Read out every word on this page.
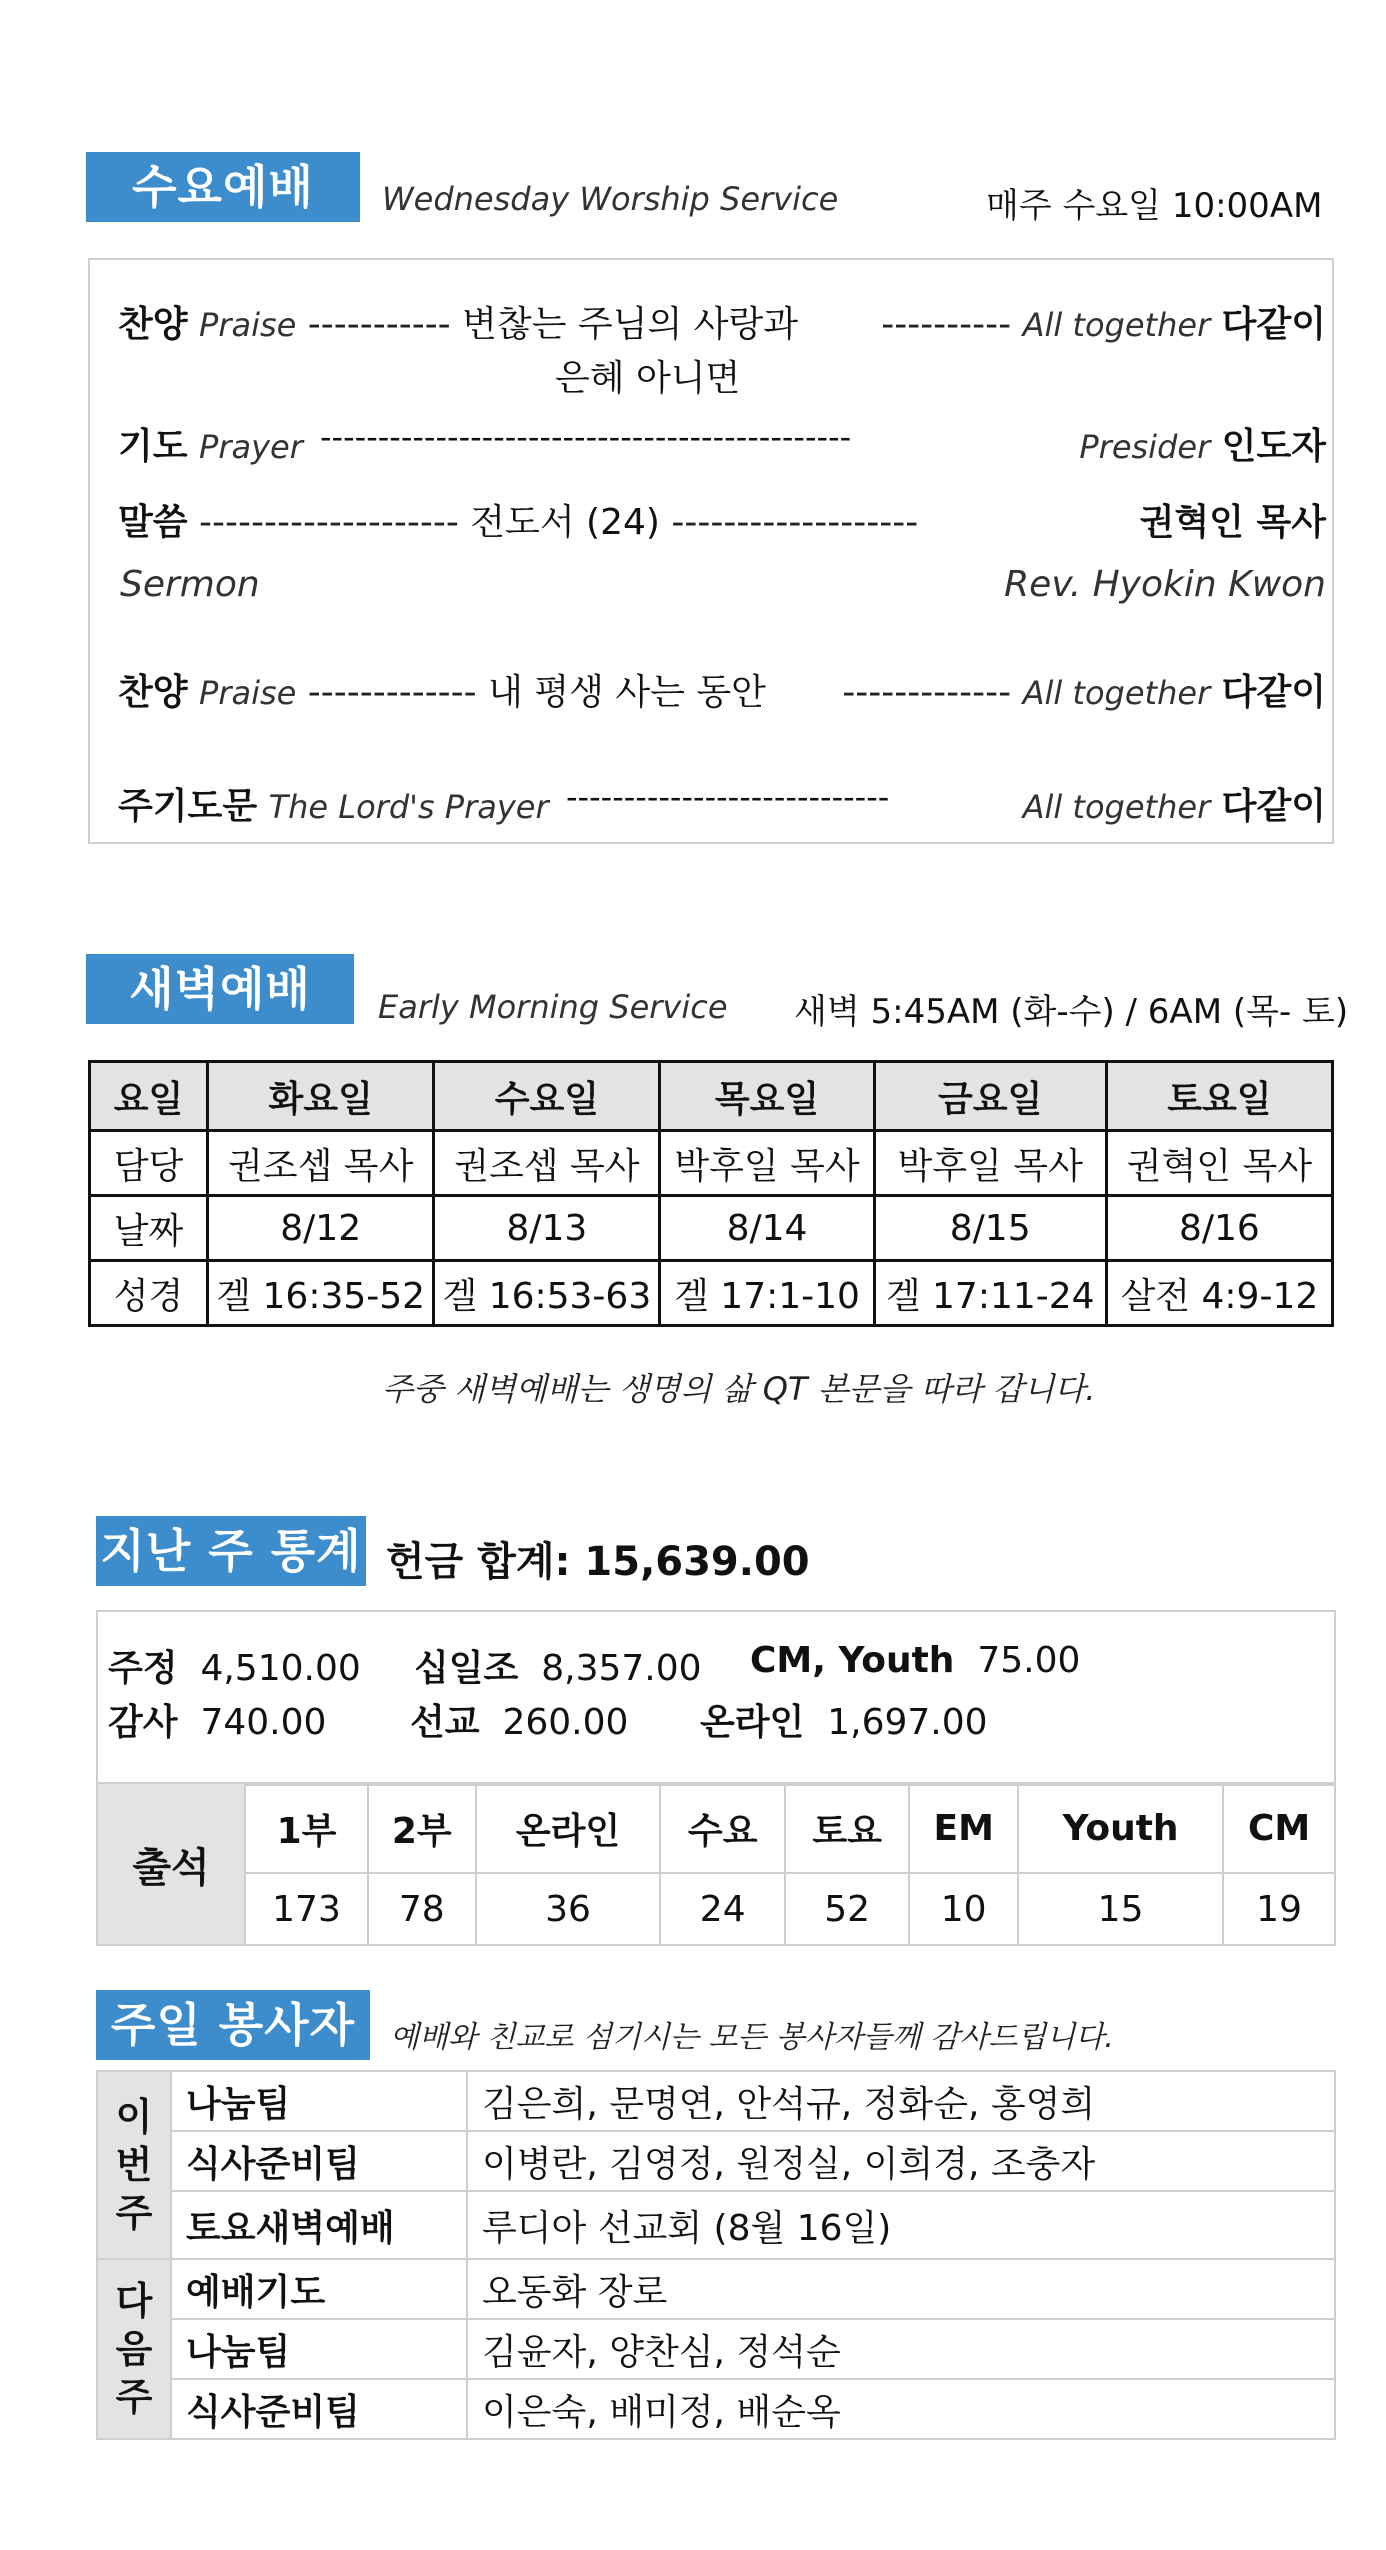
수요예배	Wednesday Worship Service	매주 수요일 10:00AM
찬양 Praise ----------- 변찮는 주님의 사랑과
은혜 아니면
---------- All together 다같이
기도 Prayer ----------------------------------------------	Presider 인도자
말씀 -------------------- 전도서 (24) -------------------	권혁인 목사
Sermon	Rev. Hyokin Kwon
찬양 Praise ------------- 내 평생 사는 동안 ------------- All together 다같이
주기도문 The Lord's Prayer ----------------------------	All together 다같이
새벽예배	Early Morning Service 새벽 5:45AM (화-수) / 6AM (목- 토)
요일	화요일	수요일	목요일	금요일	토요일
담당	권조셉 목사	권조셉 목사	박후일 목사	박후일 목사	권혁인 목사
날짜	8/12	8/13	8/14	8/15	8/16
성경	겔 16:35-52	겔 16:53-63	겔 17:1-10	겔 17:11-24	살전 4:9-12
주중 새벽예배는 생명의 삶 QT 본문을 따라 갑니다.
지난 주 통계 헌금 합계: 15,639.00
주정 4,510.00 십일조 8,357.00 CM, Youth 75.00
감사 740.00 선교 260.00 온라인 1,697.00
출석	1부	2부	온라인	수요	토요	EM	Youth	CM
	173	78	36	24	52	10	15	19
주일 봉사자	예배와 친교로 섬기시는 모든 봉사자들께 감사드립니다.
이
번
주	나눔팀	김은희, 문명연, 안석규, 정화순, 홍영희
	식사준비팀	이병란, 김영정, 원정실, 이희경, 조충자
	토요새벽예배	루디아 선교회 (8월 16일)
다
음
주	예배기도	오동화 장로
	나눔팀	김윤자, 양찬심, 정석순
	식사준비팀	이은숙, 배미정, 배순옥
